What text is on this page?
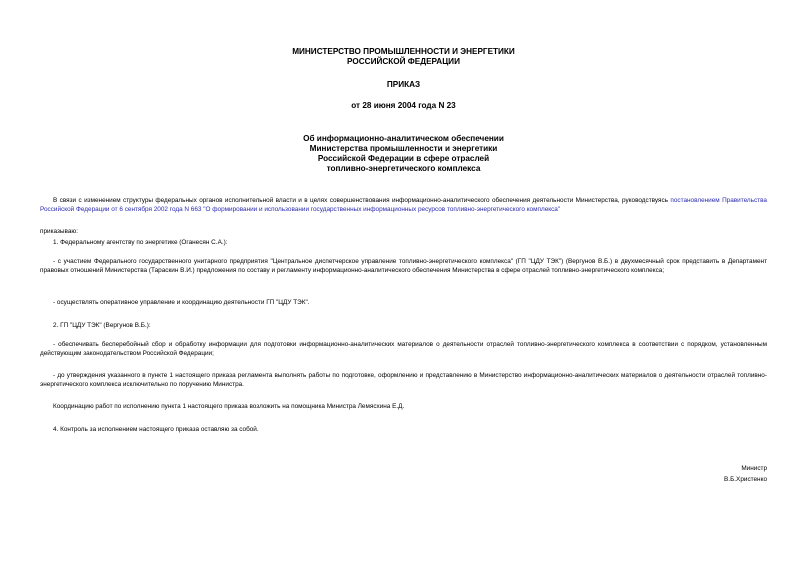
МИНИСТЕРСТВО ПРОМЫШЛЕННОСТИ И ЭНЕРГЕТИКИ
РОССИЙСКОЙ ФЕДЕРАЦИИ
ПРИКАЗ
от 28 июня 2004 года N 23
Об информационно-аналитическом обеспечении
Министерства промышленности и энергетики
Российской Федерации в сфере отраслей
топливно-энергетического комплекса

В связи с изменением структуры федеральных органов исполнительной власти и в целях совершенствования информационно-аналитического обеспечения деятельности Министерства, руководствуясь постановлением Правительства Российской Федерации от 6 сентября 2002 года N 663 "О формировании и использовании государственных информационных ресурсов топливно-энергетического комплекса"

приказываю:

1. Федеральному агентству по энергетике (Оганесян С.А.):

- с участием Федерального государственного унитарного предприятия "Центральное диспетчерское управление топливно-энергетического комплекса" (ГП "ЦДУ ТЭК") (Вергунов В.Б.) в двухмесячный срок представить в Департамент правовых отношений Министерства (Тараскин В.И.) предложения по составу и регламенту информационно-аналитического обеспечения Министерства в сфере отраслей топливно-энергетического комплекса;

- осуществлять оперативное управление и координацию деятельности ГП "ЦДУ ТЭК".

2. ГП "ЦДУ ТЭК" (Вергунов В.Б.):

- обеспечивать бесперебойный сбор и обработку информации для подготовки информационно-аналитических материалов о деятельности отраслей топливно-энергетического комплекса в соответствии с порядком, установленным действующим законодательством Российской Федерации;

- до утверждения указанного в пункте 1 настоящего приказа регламента выполнять работы по подготовке, оформлению и представлению в Министерство информационно-аналитических материалов о деятельности отраслей топливно-энергетического комплекса исключительно по поручению Министра.

Координацию работ по исполнению пункта 1 настоящего приказа возложить на помощника Министра Лемясхина Е.Д.

4. Контроль за исполнением настоящего приказа оставляю за собой.

Министр
В.Б.Христенко
